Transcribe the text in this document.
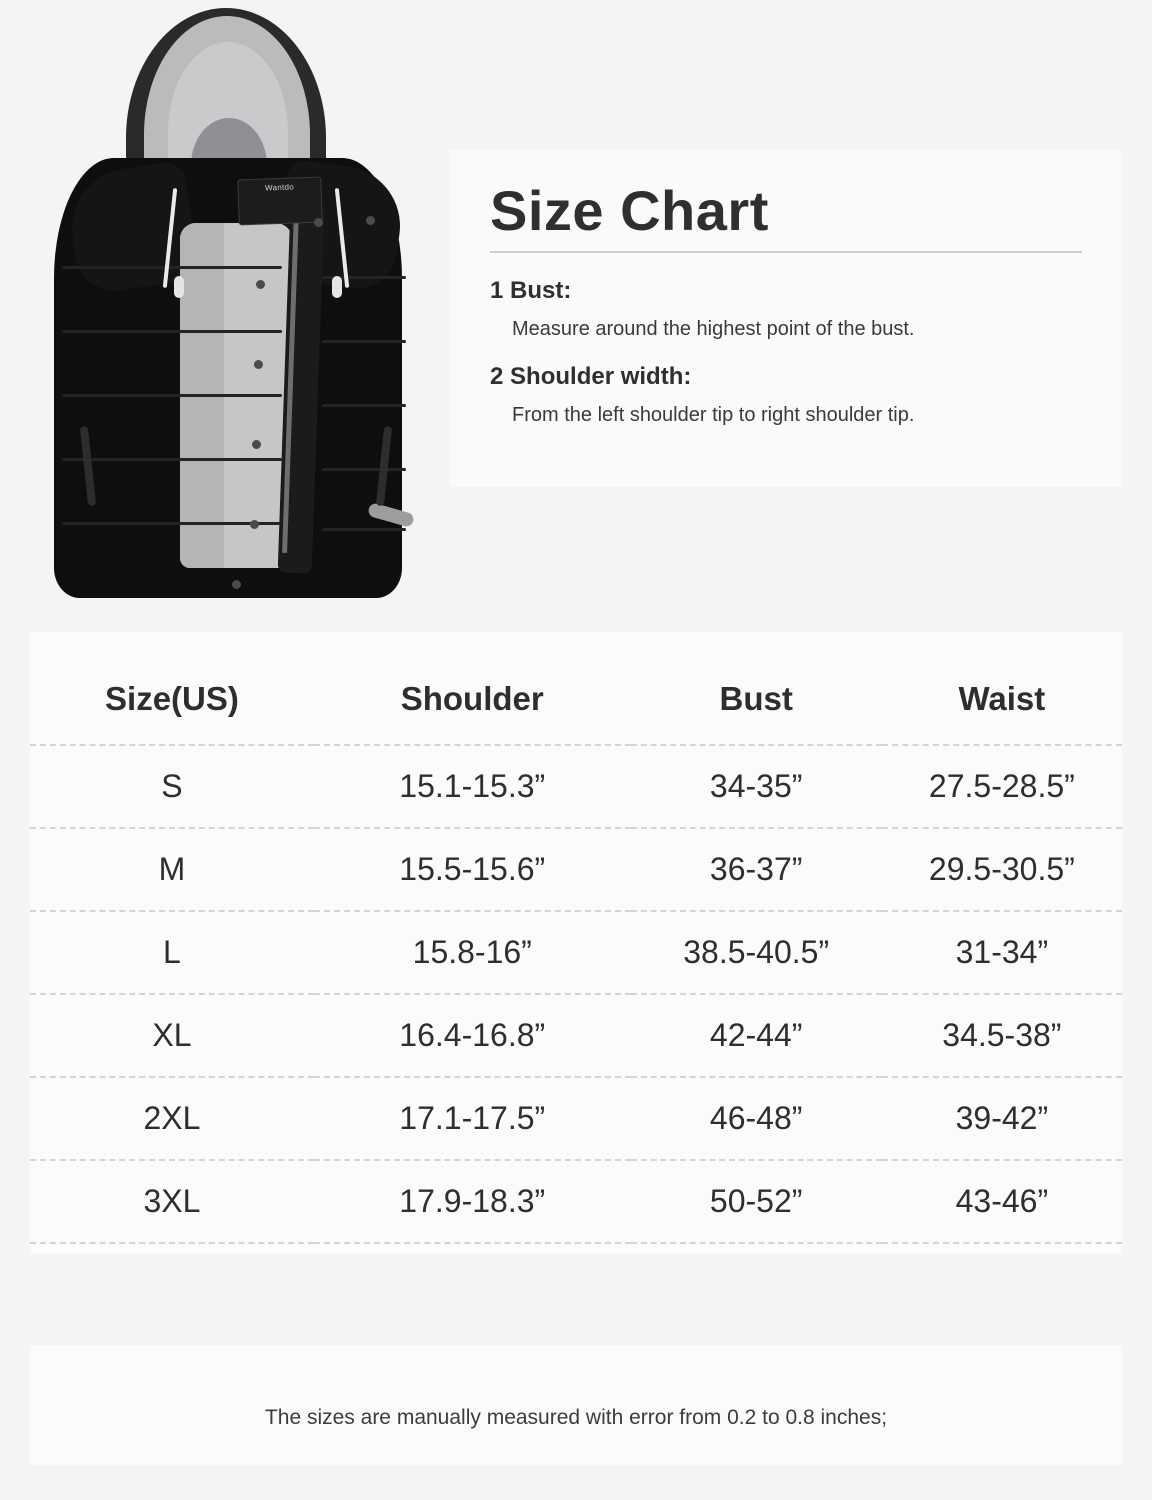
Wantdo	Size Chart
1 Bust:
Measure around the highest point of the bust.
2 Shoulder width:
From the left shoulder tip to right shoulder tip.
Size(US)	Shoulder	Bust	Waist
S	15.1-15.3”	34-35”	27.5-28.5”
M	15.5-15.6”	36-37”	29.5-30.5”
L	15.8-16”	38.5-40.5”	31-34”
XL	16.4-16.8”	42-44”	34.5-38”
2XL	17.1-17.5”	46-48”	39-42”
3XL	17.9-18.3”	50-52”	43-46”
The sizes are manually measured with error from 0.2 to 0.8 inches;
